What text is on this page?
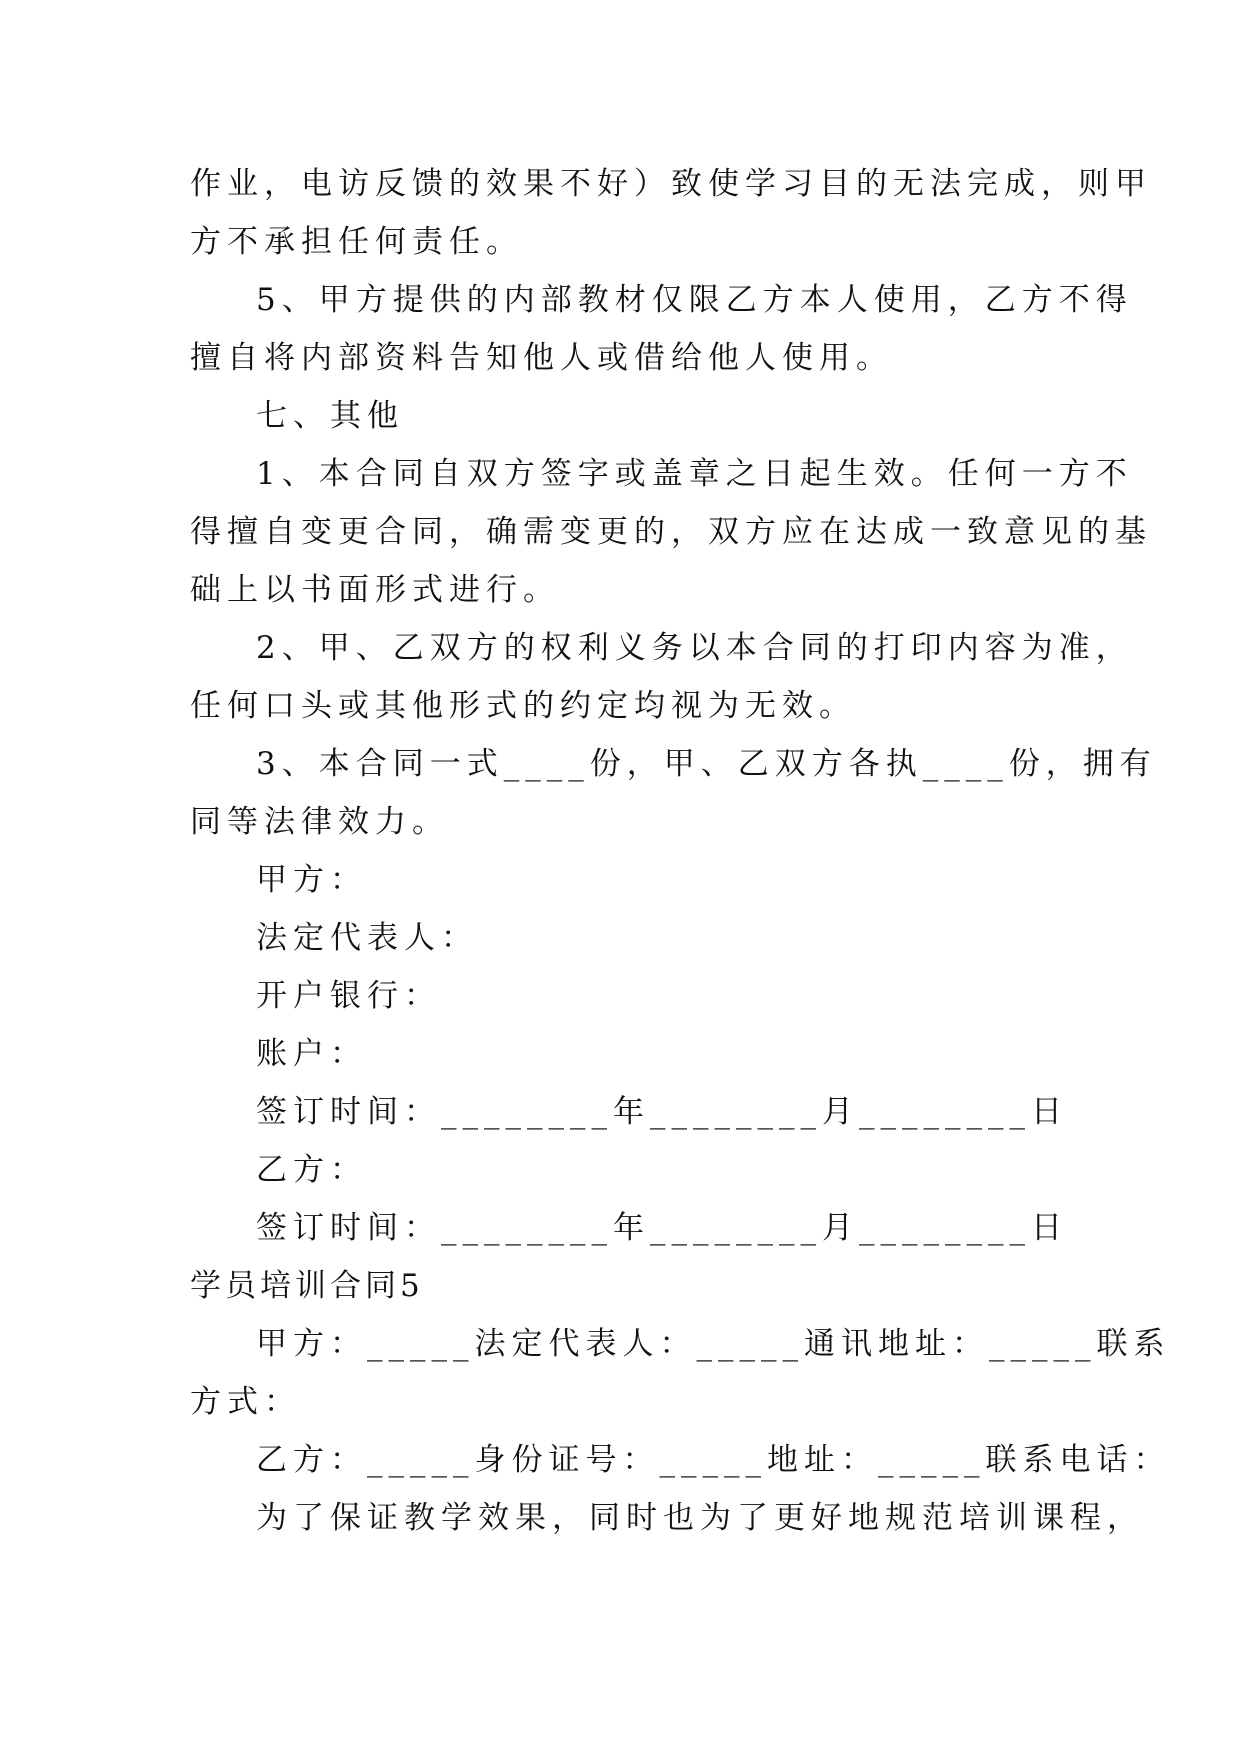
作业，电访反馈的效果不好）致使学习目的无法完成，则甲
方不承担任何责任。
5、甲方提供的内部教材仅限乙方本人使用，乙方不得
擅自将内部资料告知他人或借给他人使用。
七、其他
1、本合同自双方签字或盖章之日起生效。任何一方不
得擅自变更合同，确需变更的，双方应在达成一致意见的基
础上以书面形式进行。
2、甲、乙双方的权利义务以本合同的打印内容为准，
任何口头或其他形式的约定均视为无效。
3、本合同一式____份，甲、乙双方各执____份，拥有
同等法律效力。
甲方：
法定代表人：
开户银行：
账户：
签订时间：________年________月________日
乙方：
签订时间：________年________月________日
学员培训合同5
甲方：_____法定代表人：_____通讯地址：_____联系
方式：
乙方：_____身份证号：_____地址：_____联系电话：
为了保证教学效果，同时也为了更好地规范培训课程，
